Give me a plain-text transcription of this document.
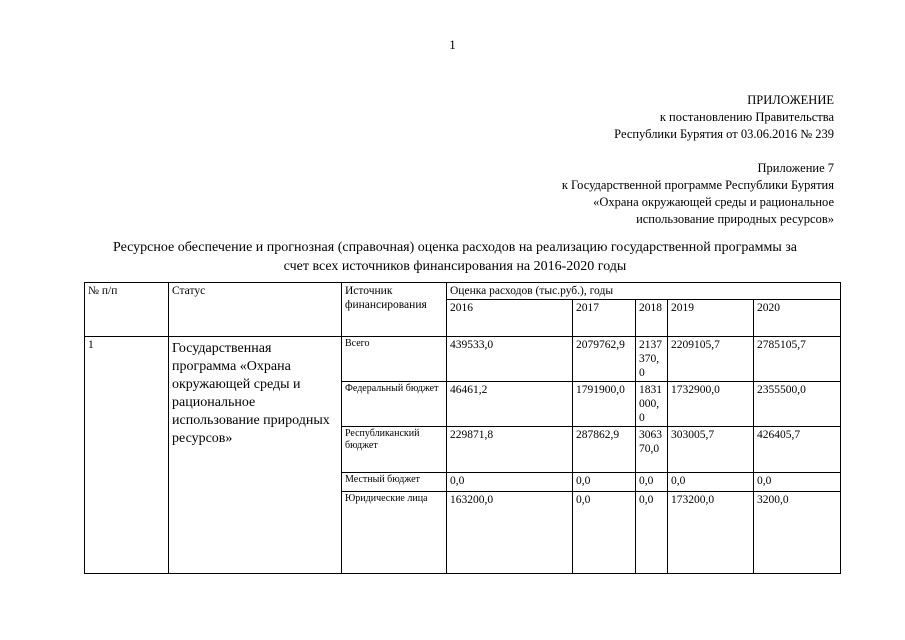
1
ПРИЛОЖЕНИЕ
к постановлению Правительства
Республики Бурятия от 03.06.2016 № 239
Приложение 7
к Государственной программе Республики Бурятия
«Охрана окружающей среды и рациональное
использование природных ресурсов»
Ресурсное обеспечение и прогнозная (справочная) оценка расходов на реализацию государственной программы за
счет всех источников финансирования на 2016-2020 годы
№ п/п	Статус	Источник финансирования	Оценка расходов (тыс.руб.), годы				
			2016	2017	2018	2019	2020
1	Государственная программа «Охрана окружающей среды и рациональное использование природных ресурсов»	Всего	439533,0	2079762,9	2137370,0	2209105,7	2785105,7
		Федеральный бюджет	46461,2	1791900,0	1831000,0	1732900,0	2355500,0
		Республиканский бюджет	229871,8	287862,9	306370,0	303005,7	426405,7
		Местный бюджет	0,0	0,0	0,0	0,0	0,0
		Юридические лица	163200,0	0,0	0,0	173200,0	3200,0
